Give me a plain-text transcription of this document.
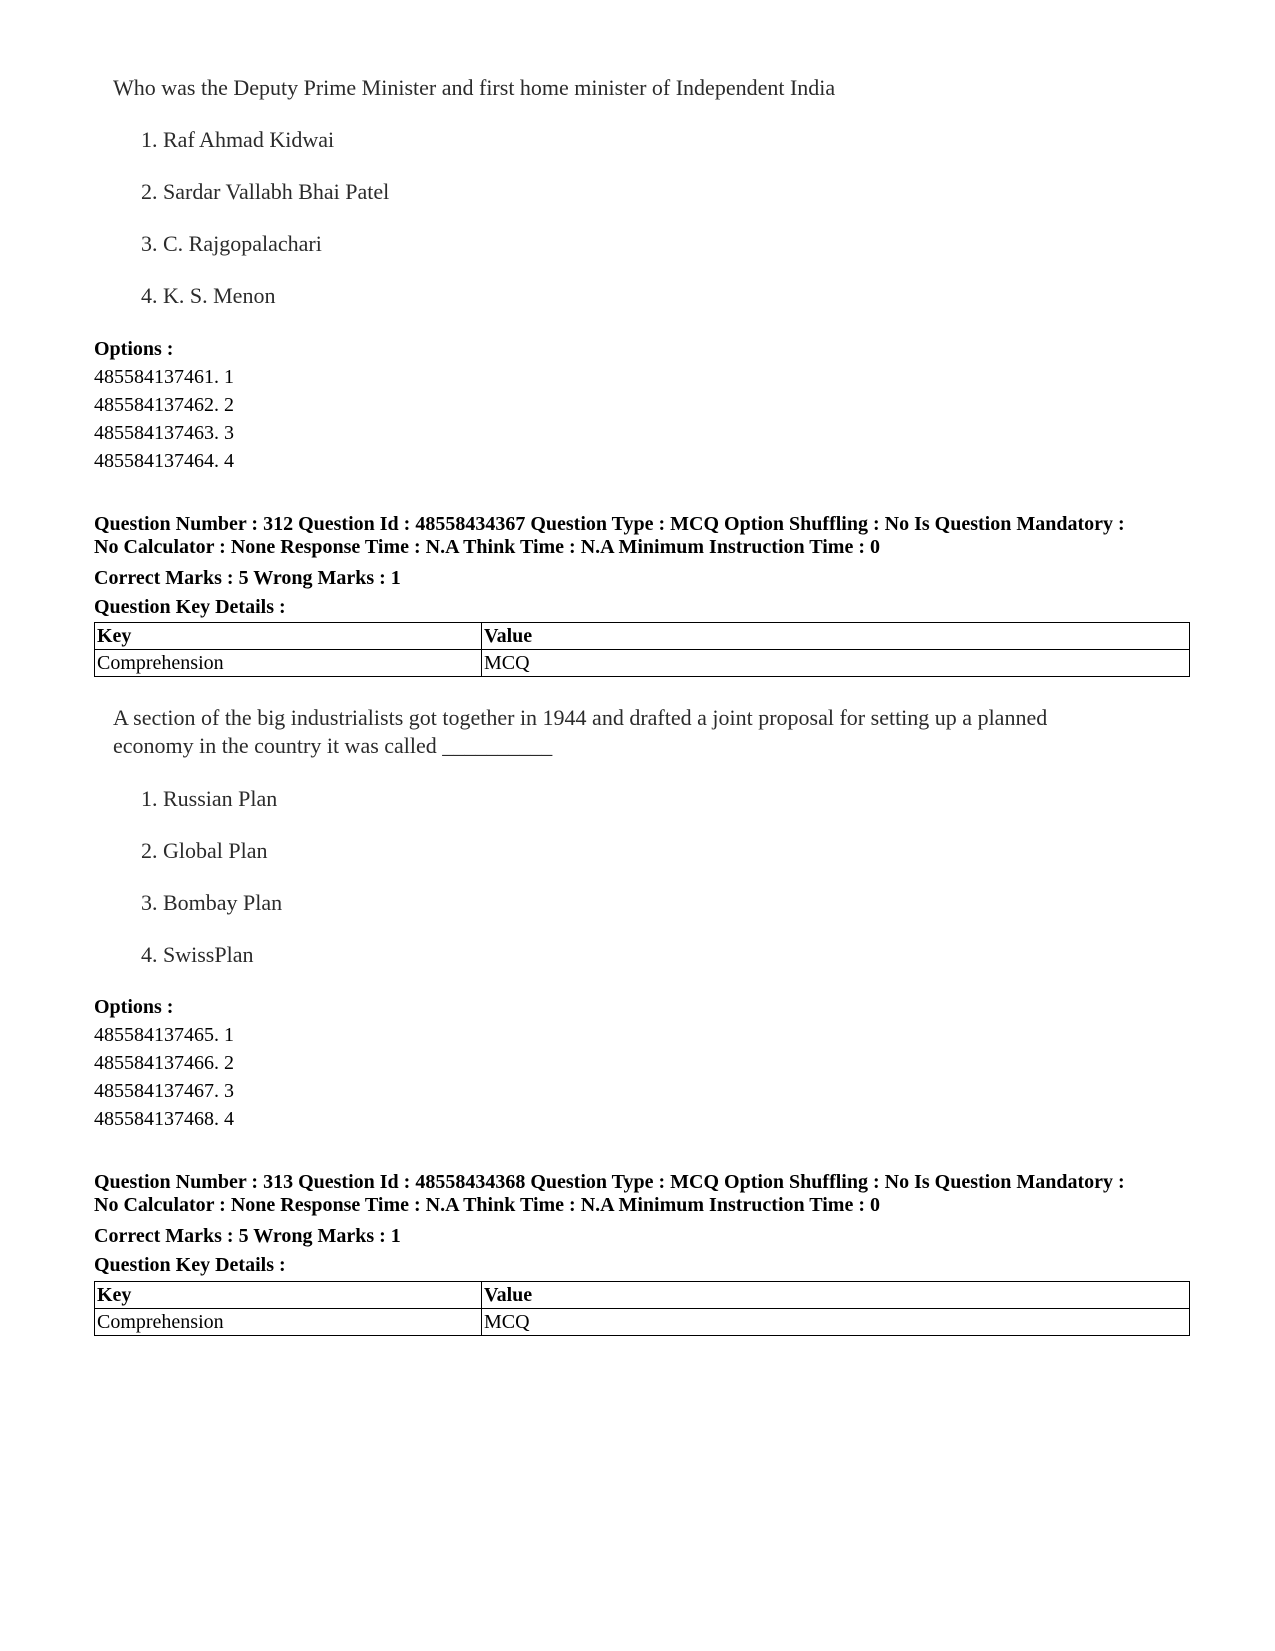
Who was the Deputy Prime Minister and first home minister of Independent India
1. Raf Ahmad Kidwai
2. Sardar Vallabh Bhai Patel
3. C. Rajgopalachari
4. K. S. Menon
Options :
485584137461. 1
485584137462. 2
485584137463. 3
485584137464. 4
Question Number : 312 Question Id : 48558434367 Question Type : MCQ Option Shuffling : No Is Question Mandatory :
No Calculator : None Response Time : N.A Think Time : N.A Minimum Instruction Time : 0
Correct Marks : 5 Wrong Marks : 1
Question Key Details :
Key	Value
Comprehension	MCQ
A section of the big industrialists got together in 1944 and drafted a joint proposal for setting up a planned
economy in the country it was called __________
1. Russian Plan
2. Global Plan
3. Bombay Plan
4. SwissPlan
Options :
485584137465. 1
485584137466. 2
485584137467. 3
485584137468. 4
Question Number : 313 Question Id : 48558434368 Question Type : MCQ Option Shuffling : No Is Question Mandatory :
No Calculator : None Response Time : N.A Think Time : N.A Minimum Instruction Time : 0
Correct Marks : 5 Wrong Marks : 1
Question Key Details :
Key	Value
Comprehension	MCQ
